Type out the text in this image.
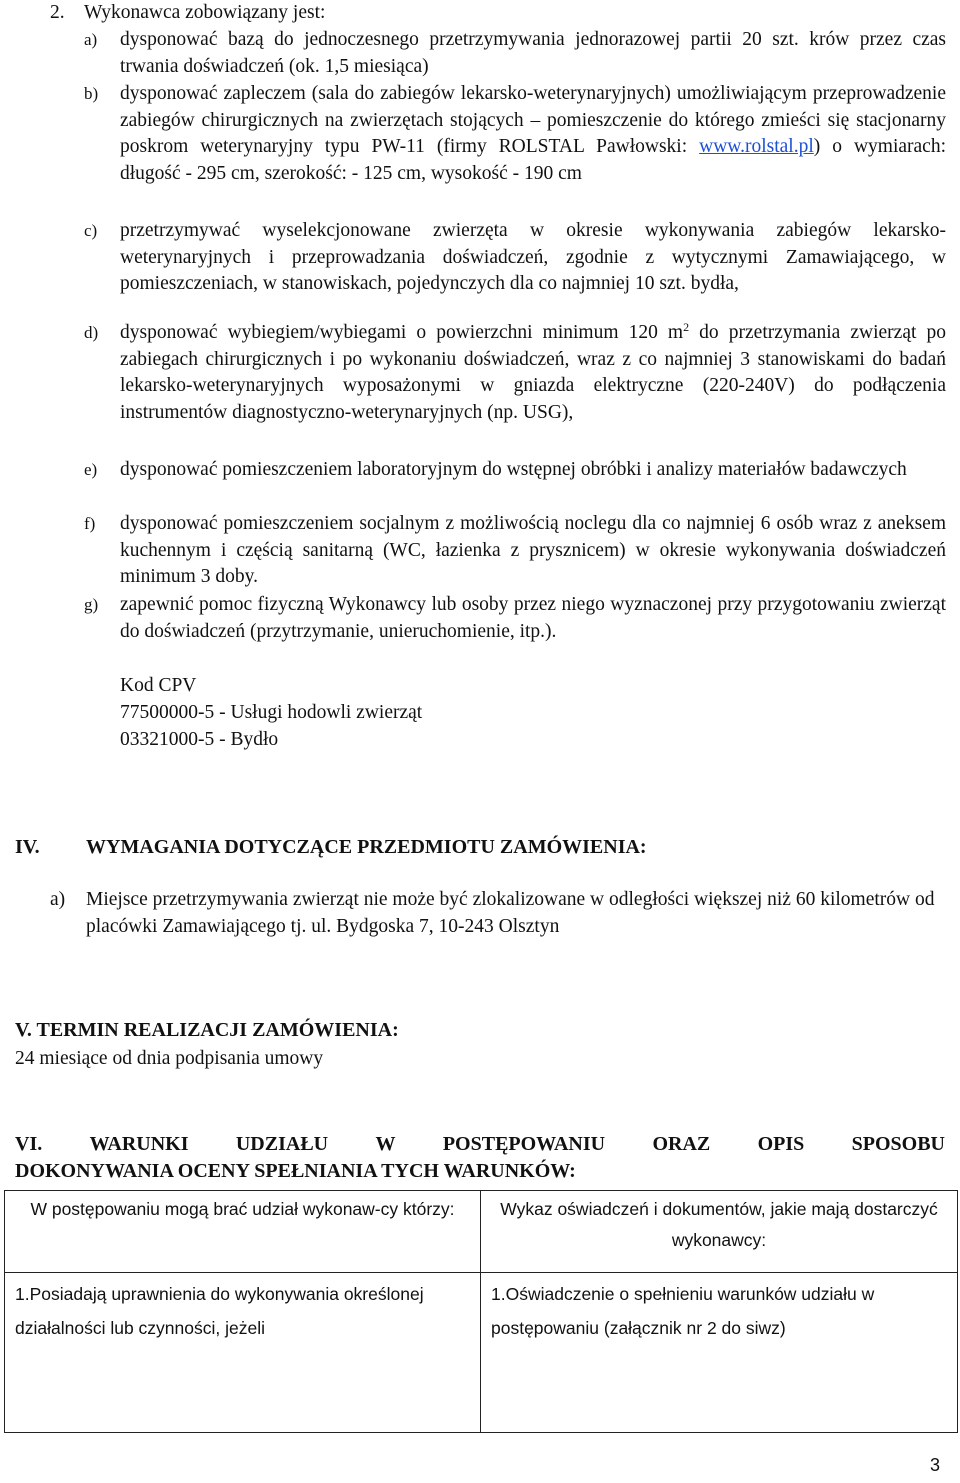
2. Wykonawca zobowiązany jest:
a) dysponować bazą do jednoczesnego przetrzymywania jednorazowej partii 20 szt. krów przez czas trwania doświadczeń (ok. 1,5 miesiąca)
b) dysponować zapleczem (sala do zabiegów lekarsko-weterynaryjnych) umożliwiającym przeprowadzenie zabiegów chirurgicznych na zwierzętach stojących – pomieszczenie do którego zmieści się stacjonarny poskrom weterynaryjny typu PW-11 (firmy ROLSTAL Pawłowski: www.rolstal.pl) o wymiarach: długość - 295 cm, szerokość: - 125 cm, wysokość - 190 cm
c) przetrzymywać wyselekcjonowane zwierzęta w okresie wykonywania zabiegów lekarsko-weterynaryjnych i przeprowadzania doświadczeń, zgodnie z wytycznymi Zamawiającego, w pomieszczeniach, w stanowiskach, pojedynczych dla co najmniej 10 szt. bydła,
d) dysponować wybiegiem/wybiegami o powierzchni minimum 120 $m^2$ do przetrzymania zwierząt po zabiegach chirurgicznych i po wykonaniu doświadczeń, wraz z co najmniej 3 stanowiskami do badań lekarsko-weterynaryjnych wyposażonymi w gniazda elektryczne (220-240V) do podłączenia instrumentów diagnostyczno-weterynaryjnych (np. USG),
e) dysponować pomieszczeniem laboratoryjnym do wstępnej obróbki i analizy materiałów badawczych
f) dysponować pomieszczeniem socjalnym z możliwością noclegu dla co najmniej 6 osób wraz z aneksem kuchennym i częścią sanitarną (WC, łazienka z prysznicem) w okresie wykonywania doświadczeń minimum 3 doby.
g) zapewnić pomoc fizyczną Wykonawcy lub osoby przez niego wyznaczonej przy przygotowaniu zwierząt do doświadczeń (przytrzymanie, unieruchomienie, itp.).
Kod CPV
77500000-5 - Usługi hodowli zwierząt
03321000-5 - Bydło
IV. WYMAGANIA DOTYCZĄCE PRZEDMIOTU ZAMÓWIENIA:
a) Miejsce przetrzymywania zwierząt nie może być zlokalizowane w odległości większej niż 60 kilometrów od placówki Zamawiającego tj. ul. Bydgoska 7, 10-243 Olsztyn
V. TERMIN REALIZACJI ZAMÓWIENIA:
24 miesiące od dnia podpisania umowy
VI. WARUNKI UDZIAŁU W POSTĘPOWANIU ORAZ OPIS SPOSOBU
DOKONYWANIA OCENY SPEŁNIANIA TYCH WARUNKÓW:
W postępowaniu mogą brać udział wykonaw-cy którzy:	Wykaz oświadczeń i dokumentów, jakie mają dostarczyć wykonawcy:
1.Posiadają uprawnienia do wykonywania określonej działalności lub czynności, jeżeli	1.Oświadczenie o spełnieniu warunków udziału w postępowaniu (załącznik nr 2 do siwz)
3
